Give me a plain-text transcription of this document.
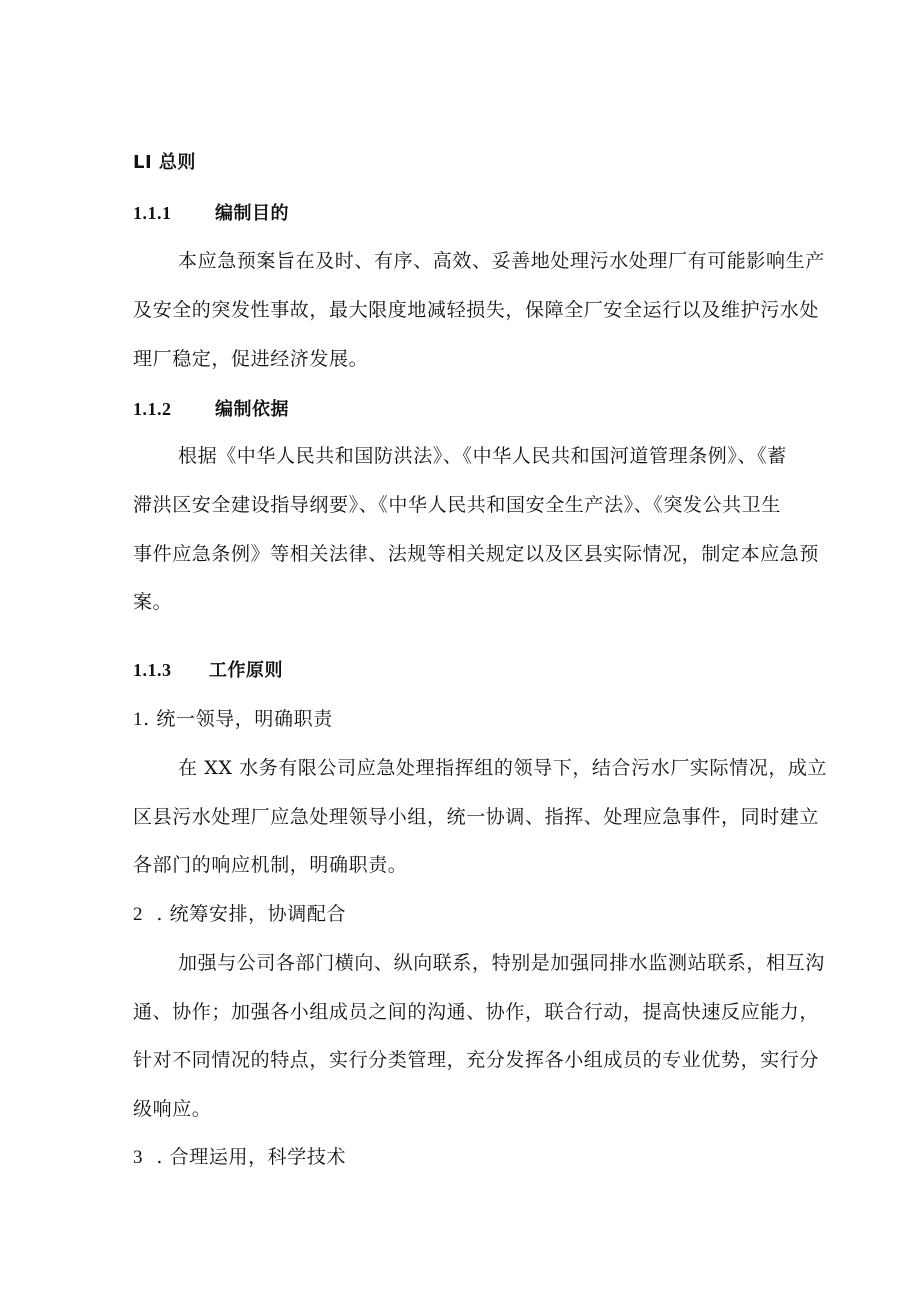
LI 总则
1.1.1 编制目的
本应急预案旨在及时、有序、高效、妥善地处理污水处理厂有可能影响生产
及安全的突发性事故，最大限度地减轻损失，保障全厂安全运行以及维护污水处
理厂稳定，促进经济发展。
1.1.2 编制依据
根据《中华人民共和国防洪法》、《中华人民共和国河道管理条例》、《蓄
滞洪区安全建设指导纲要》、《中华人民共和国安全生产法》、《突发公共卫生
事件应急条例》等相关法律、法规等相关规定以及区县实际情况，制定本应急预
案。
1.1.3 工作原则
1. 统一领导，明确职责
在 XX 水务有限公司应急处理指挥组的领导下，结合污水厂实际情况，成立
区县污水处理厂应急处理领导小组，统一协调、指挥、处理应急事件，同时建立
各部门的响应机制，明确职责。
2  . 统筹安排，协调配合
加强与公司各部门横向、纵向联系，特别是加强同排水监测站联系，相互沟
通、协作；加强各小组成员之间的沟通、协作，联合行动，提高快速反应能力，
针对不同情况的特点，实行分类管理，充分发挥各小组成员的专业优势，实行分
级响应。
3  . 合理运用，科学技术
